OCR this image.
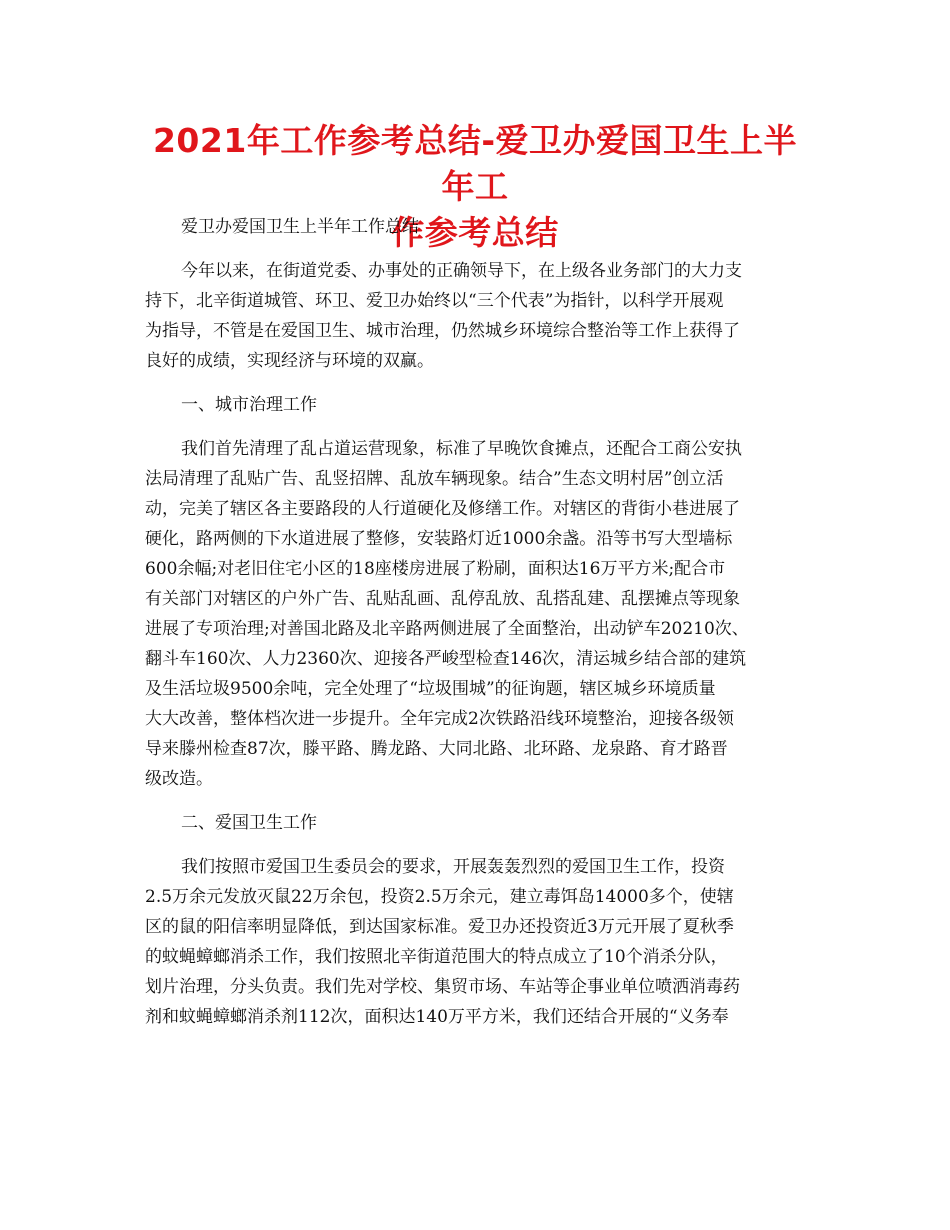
2021年工作参考总结-爱卫办爱国卫生上半年工
作参考总结
爱卫办爱国卫生上半年工作总结
今年以来，在街道党委、办事处的正确领导下，在上级各业务部门的大力支
持下，北辛街道城管、环卫、爱卫办始终以“三个代表”为指针，以科学开展观
为指导，不管是在爱国卫生、城市治理，仍然城乡环境综合整治等工作上获得了
良好的成绩，实现经济与环境的双赢。
一、城市治理工作
我们首先清理了乱占道运营现象，标准了早晚饮食摊点，还配合工商公安执
法局清理了乱贴广告、乱竖招牌、乱放车辆现象。结合”生态文明村居”创立活
动，完美了辖区各主要路段的人行道硬化及修缮工作。对辖区的背街小巷进展了
硬化，路两侧的下水道进展了整修，安装路灯近1000余盏。沿等书写大型墙标
600余幅;对老旧住宅小区的18座楼房进展了粉刷，面积达16万平方米;配合市
有关部门对辖区的户外广告、乱贴乱画、乱停乱放、乱搭乱建、乱摆摊点等现象
进展了专项治理;对善国北路及北辛路两侧进展了全面整治，出动铲车20210次、
翻斗车160次、人力2360次、迎接各严峻型检查146次，清运城乡结合部的建筑
及生活垃圾9500余吨，完全处理了“垃圾围城”的征询题，辖区城乡环境质量
大大改善，整体档次进一步提升。全年完成2次铁路沿线环境整治，迎接各级领
导来滕州检查87次，滕平路、腾龙路、大同北路、北环路、龙泉路、育才路晋
级改造。
二、爱国卫生工作
我们按照市爱国卫生委员会的要求，开展轰轰烈烈的爱国卫生工作，投资
2.5万余元发放灭鼠22万余包，投资2.5万余元，建立毒饵岛14000多个，使辖
区的鼠的阳信率明显降低，到达国家标准。爱卫办还投资近3万元开展了夏秋季
的蚊蝇蟑螂消杀工作，我们按照北辛街道范围大的特点成立了10个消杀分队，
划片治理，分头负责。我们先对学校、集贸市场、车站等企事业单位喷洒消毒药
剂和蚊蝇蟑螂消杀剂112次，面积达140万平方米，我们还结合开展的“义务奉
